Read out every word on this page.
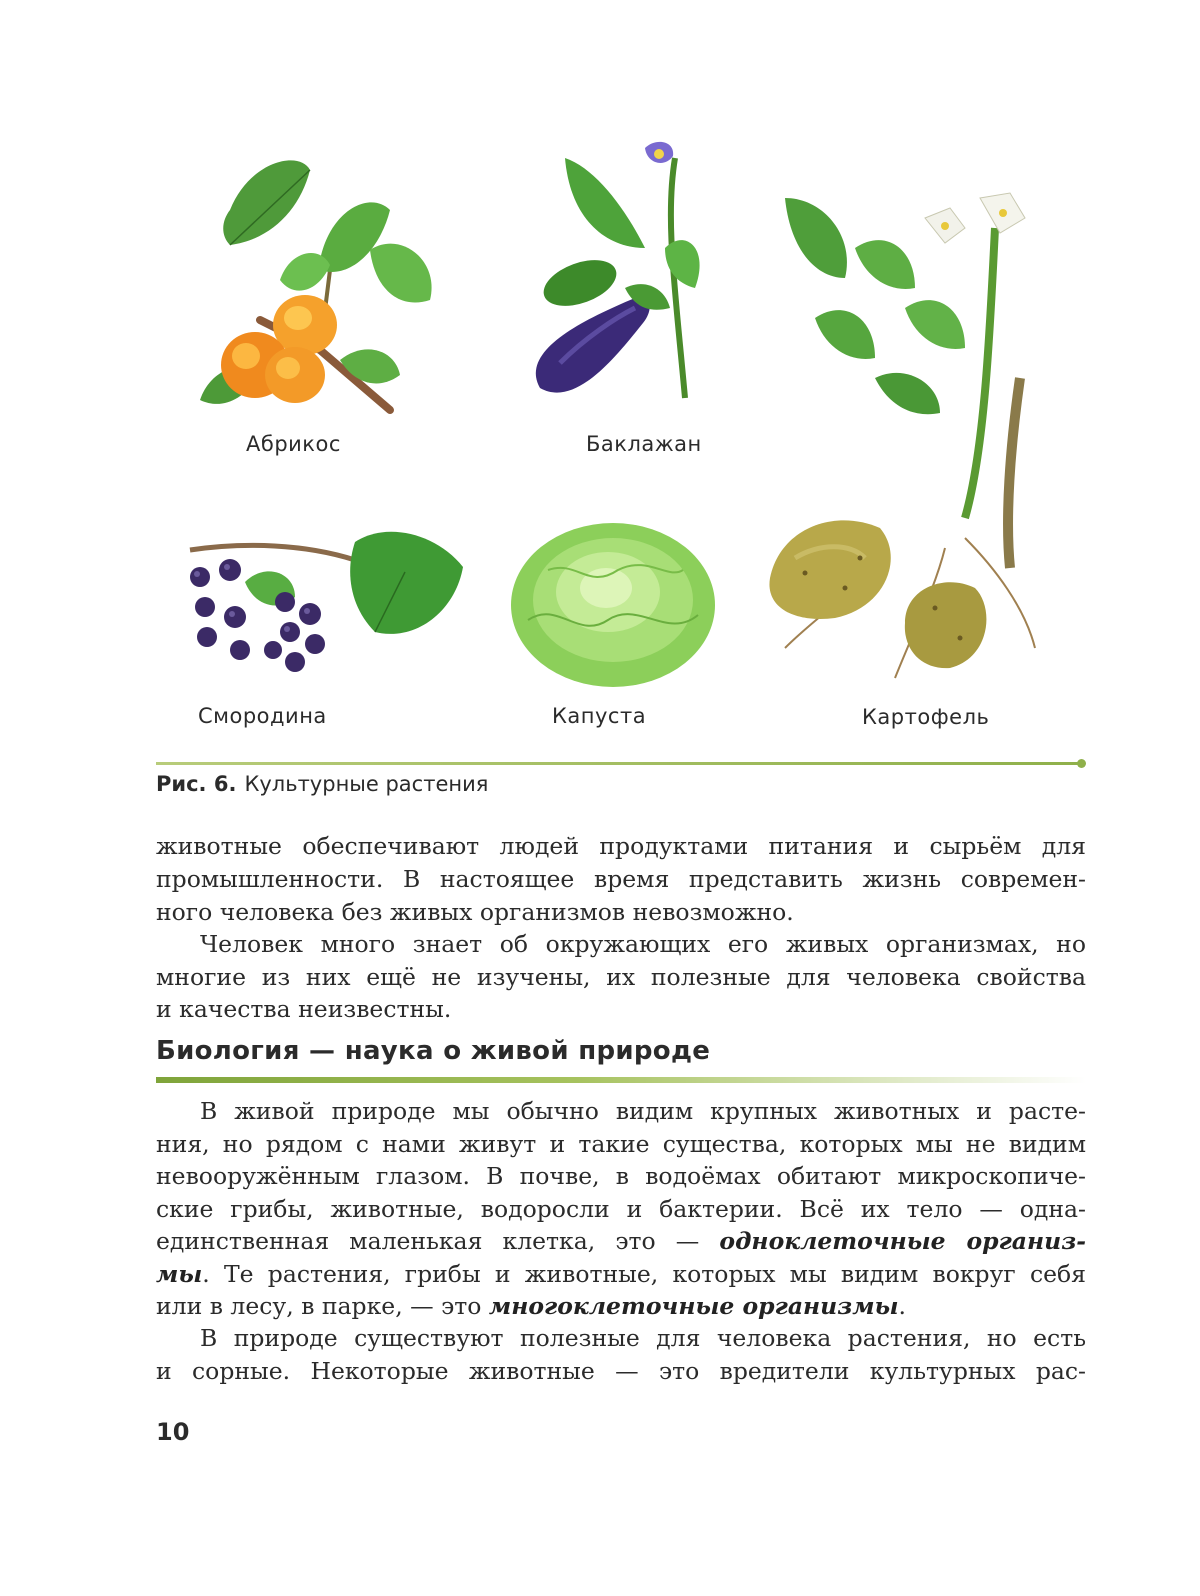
Абрикос	Баклажан
Смородина	Капуста	Картофель
Рис. 6. Культурные растения
животные обеспечивают людей продуктами питания и сырьём для
промышленности. В настоящее время представить жизнь современ-
ного человека без живых организмов невозможно.
Человек много знает об окружающих его живых организмах, но
многие из них ещё не изучены, их полезные для человека свойства
и качества неизвестны.
Биология — наука о живой природе
В живой природе мы обычно видим крупных животных и расте-
ния, но рядом с нами живут и такие существа, которых мы не видим
невооружённым глазом. В почве, в водоёмах обитают микроскопиче-
ские грибы, животные, водоросли и бактерии. Всё их тело — одна-
единственная маленькая клетка, это — одноклеточные организ-
мы. Те растения, грибы и животные, которых мы видим вокруг себя
или в лесу, в парке, — это многоклеточные организмы.
В природе существуют полезные для человека растения, но есть
и сорные. Некоторые животные — это вредители культурных рас-
10
